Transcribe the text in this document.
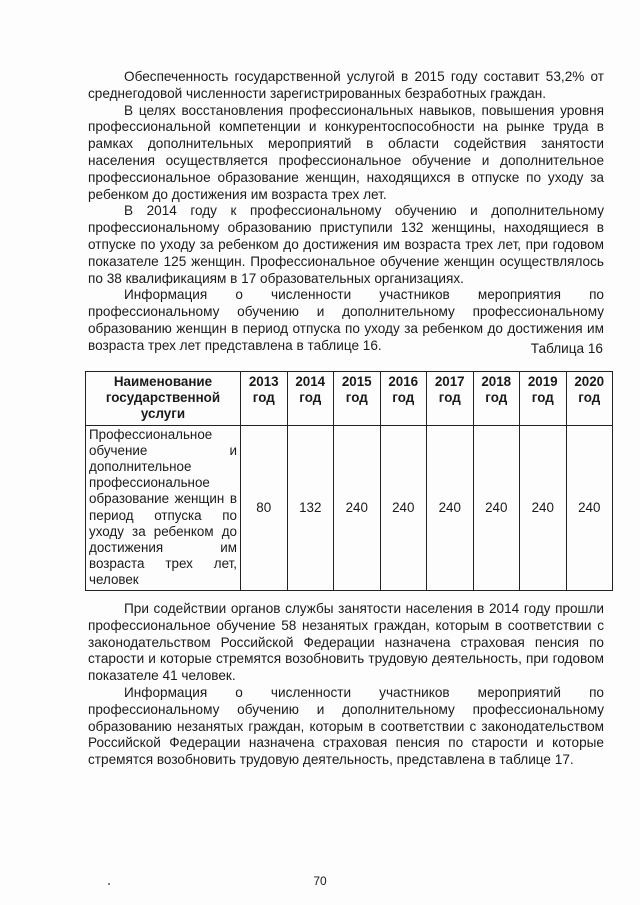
Обеспеченность государственной услугой в 2015 году составит 53,2% от среднегодовой численности зарегистрированных безработных граждан.

В целях восстановления профессиональных навыков, повышения уровня профессиональной компетенции и конкурентоспособности на рынке труда в рамках дополнительных мероприятий в области содействия занятости населения осуществляется профессиональное обучение и дополнительное профессиональное образование женщин, находящихся в отпуске по уходу за ребенком до достижения им возраста трех лет.

В 2014 году к профессиональному обучению и дополнительному профессиональному образованию приступили 132 женщины, находящиеся в отпуске по уходу за ребенком до достижения им возраста трех лет, при годовом показателе 125 женщин. Профессиональное обучение женщин осуществлялось по 38 квалификациям в 17 образовательных организациях.

Информация о численности участников мероприятия по профессиональному обучению и дополнительному профессиональному образованию женщин в период отпуска по уходу за ребенком до достижения им возраста трех лет представлена в таблице 16.	Таблица 16
Наименование государственной услуги	2013 год	2014 год	2015 год	2016 год	2017 год	2018 год	2019 год	2020 год
Профессиональное обучение и дополнительное профессиональное образование женщин в период отпуска по уходу за ребенком до достижения им возраста трех лет, человек	80	132	240	240	240	240	240	240

При содействии органов службы занятости населения в 2014 году прошли профессиональное обучение 58 незанятых граждан, которым в соответствии с законодательством Российской Федерации назначена страховая пенсия по старости и которые стремятся возобновить трудовую деятельность, при годовом показателе 41 человек.

Информация о численности участников мероприятий по профессиональному обучению и дополнительному профессиональному образованию незанятых граждан, которым в соответствии с законодательством Российской Федерации назначена страховая пенсия по старости и которые стремятся возобновить трудовую деятельность, представлена в таблице 17.

70
